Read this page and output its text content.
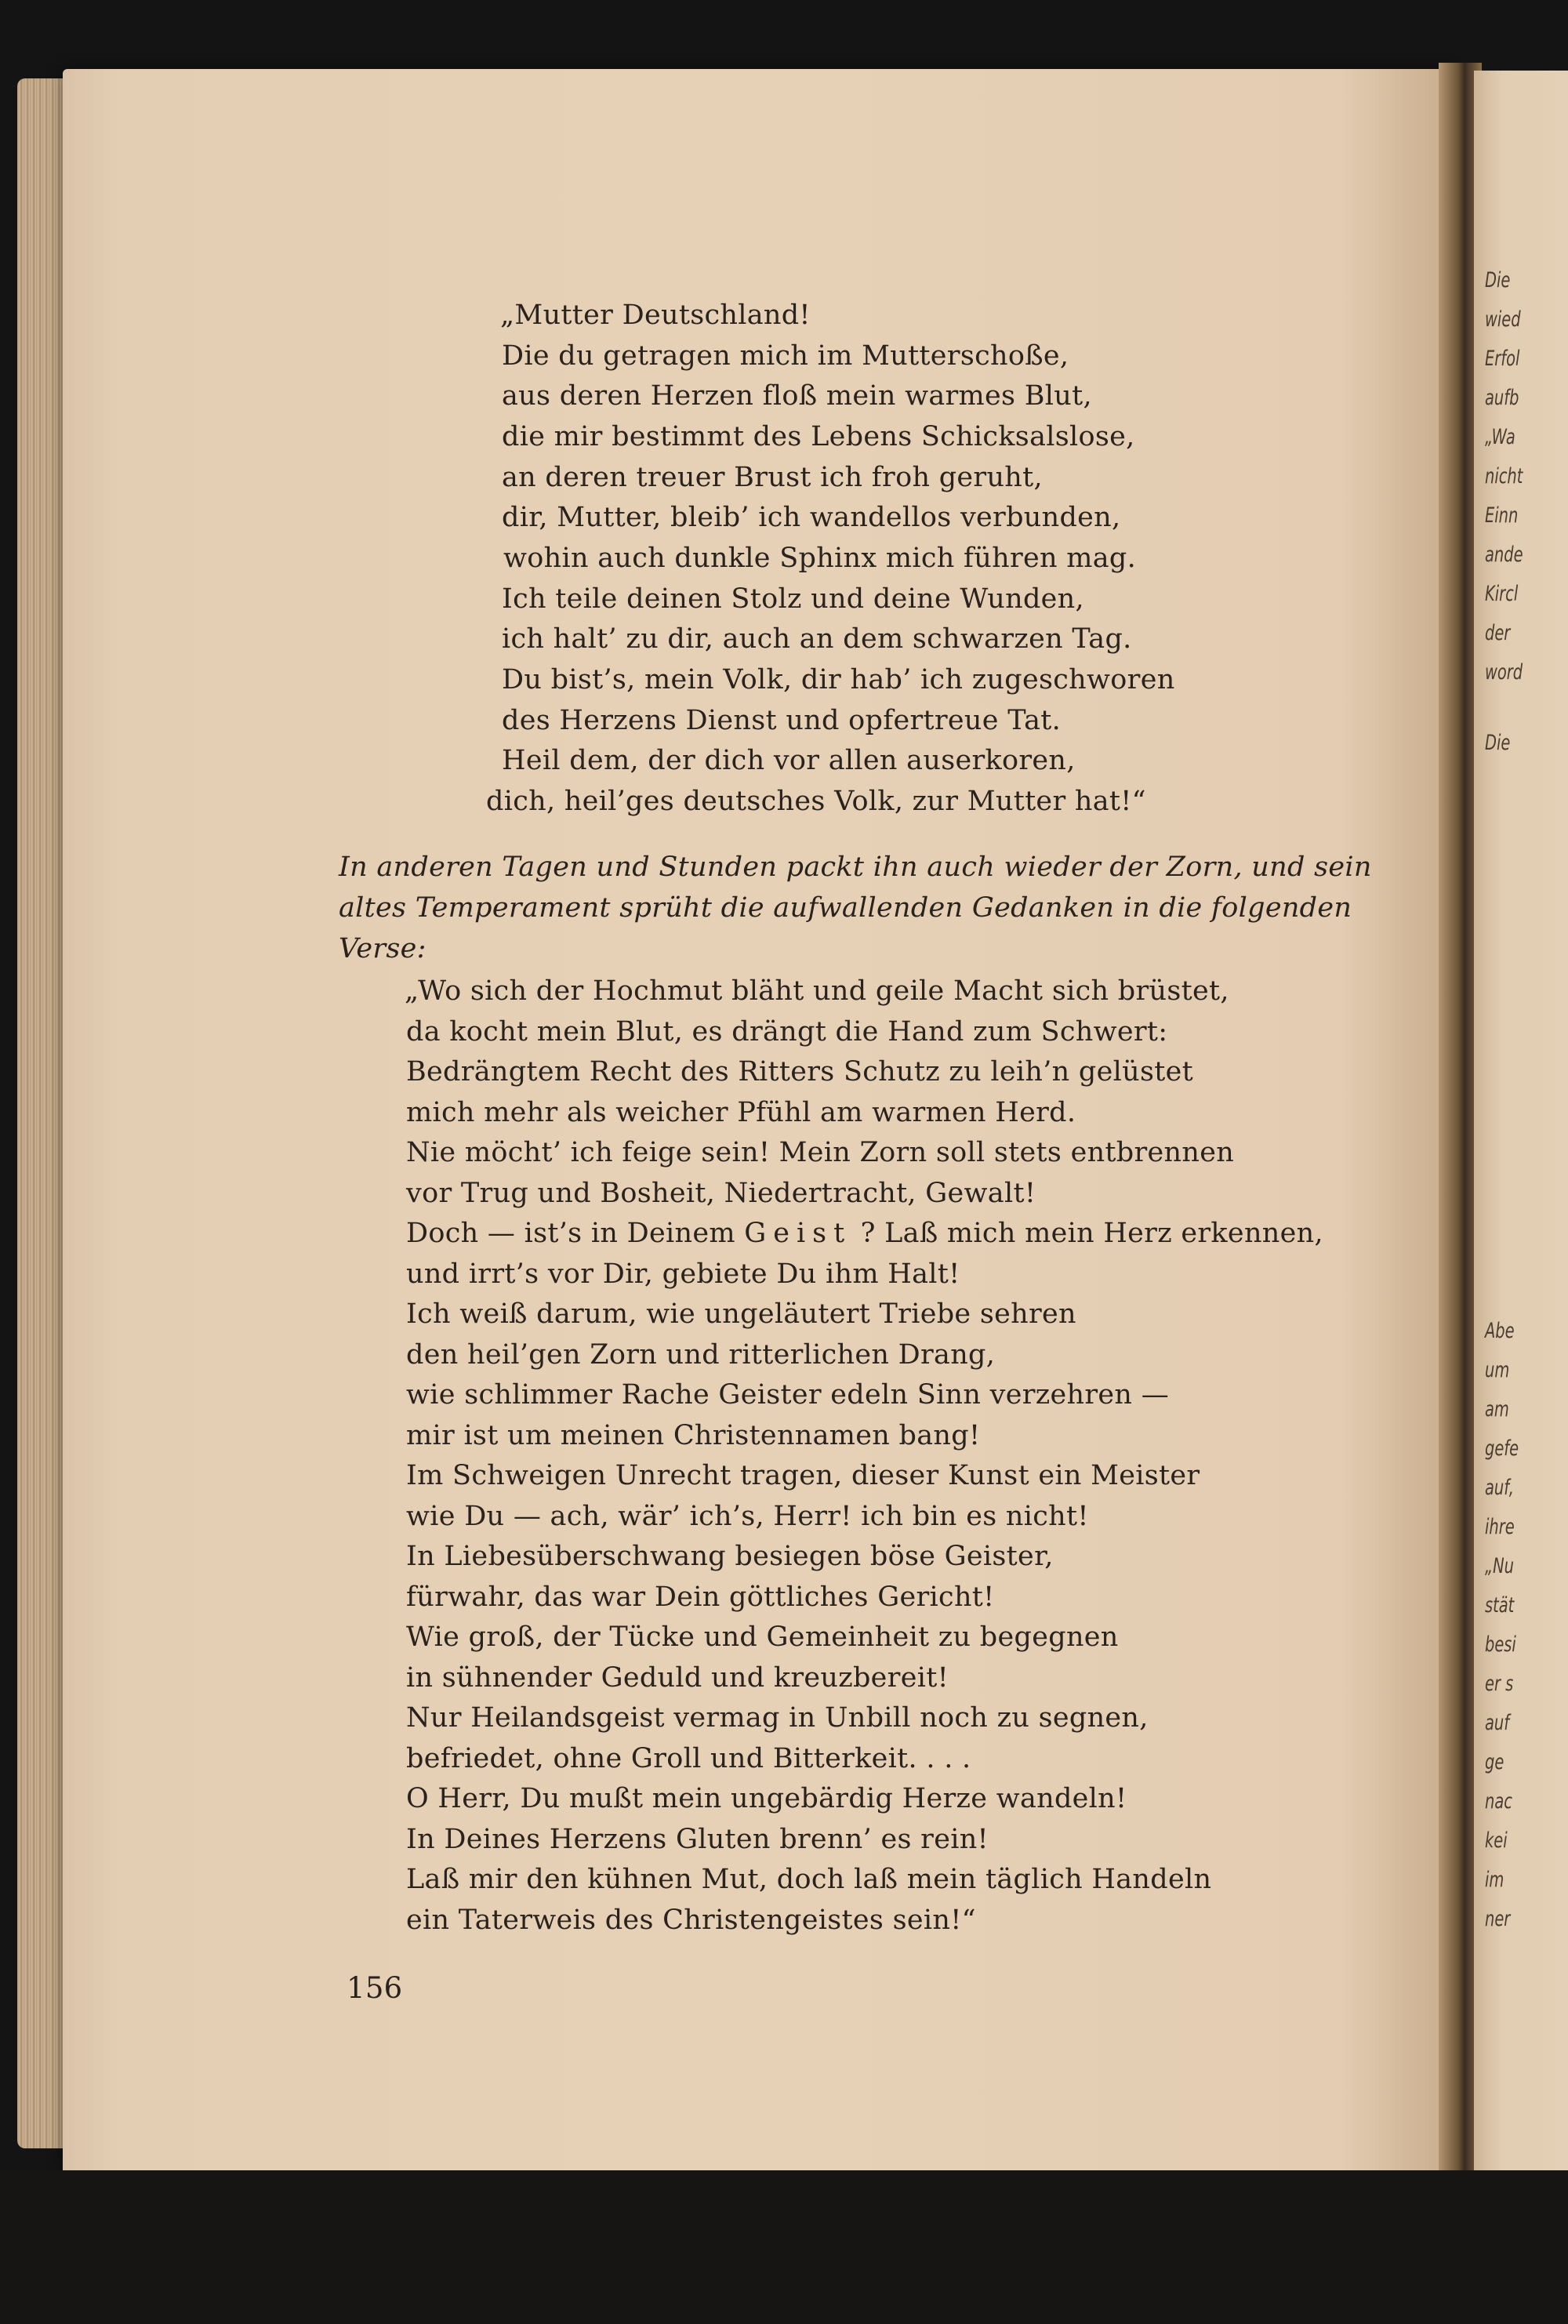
Die

wied

Erfol

aufb

„Wa

nicht

Einn

ande

Kircl

der

word

Die

Abe

um

am

gefe

auf,

ihre

„Nu

stät

besi

er s

auf

ge

nac

kei

im

ner

„Mutter Deutschland!

Die du getragen mich im Mutterschoße,

aus deren Herzen floß mein warmes Blut,

die mir bestimmt des Lebens Schicksalslose,

an deren treuer Brust ich froh geruht,

dir, Mutter, bleib’ ich wandellos verbunden,

wohin auch dunkle Sphinx mich führen mag.

Ich teile deinen Stolz und deine Wunden,

ich halt’ zu dir, auch an dem schwarzen Tag.

Du bist’s, mein Volk, dir hab’ ich zugeschworen

des Herzens Dienst und opfertreue Tat.

Heil dem, der dich vor allen auserkoren,

dich, heil’ges deutsches Volk, zur Mutter hat!“

In anderen Tagen und Stunden packt ihn auch wieder der Zorn, und sein

altes Temperament sprüht die aufwallenden Gedanken in die folgenden

Verse:

„Wo sich der Hochmut bläht und geile Macht sich brüstet,

da kocht mein Blut, es drängt die Hand zum Schwert:

Bedrängtem Recht des Ritters Schutz zu leih’n gelüstet

mich mehr als weicher Pfühl am warmen Herd.

Nie möcht’ ich feige sein! Mein Zorn soll stets entbrennen

vor Trug und Bosheit, Niedertracht, Gewalt!

Doch — ist’s in Deinem Geist ? Laß mich mein Herz erkennen,

und irrt’s vor Dir, gebiete Du ihm Halt!

Ich weiß darum, wie ungeläutert Triebe sehren

den heil’gen Zorn und ritterlichen Drang,

wie schlimmer Rache Geister edeln Sinn verzehren —

mir ist um meinen Christennamen bang!

Im Schweigen Unrecht tragen, dieser Kunst ein Meister

wie Du — ach, wär’ ich’s, Herr! ich bin es nicht!

In Liebesüberschwang besiegen böse Geister,

fürwahr, das war Dein göttliches Gericht!

Wie groß, der Tücke und Gemeinheit zu begegnen

in sühnender Geduld und kreuzbereit!

Nur Heilandsgeist vermag in Unbill noch zu segnen,

befriedet, ohne Groll und Bitterkeit. . . .

O Herr, Du mußt mein ungebärdig Herze wandeln!

In Deines Herzens Gluten brenn’ es rein!

Laß mir den kühnen Mut, doch laß mein täglich Handeln

ein Taterweis des Christengeistes sein!“

156
